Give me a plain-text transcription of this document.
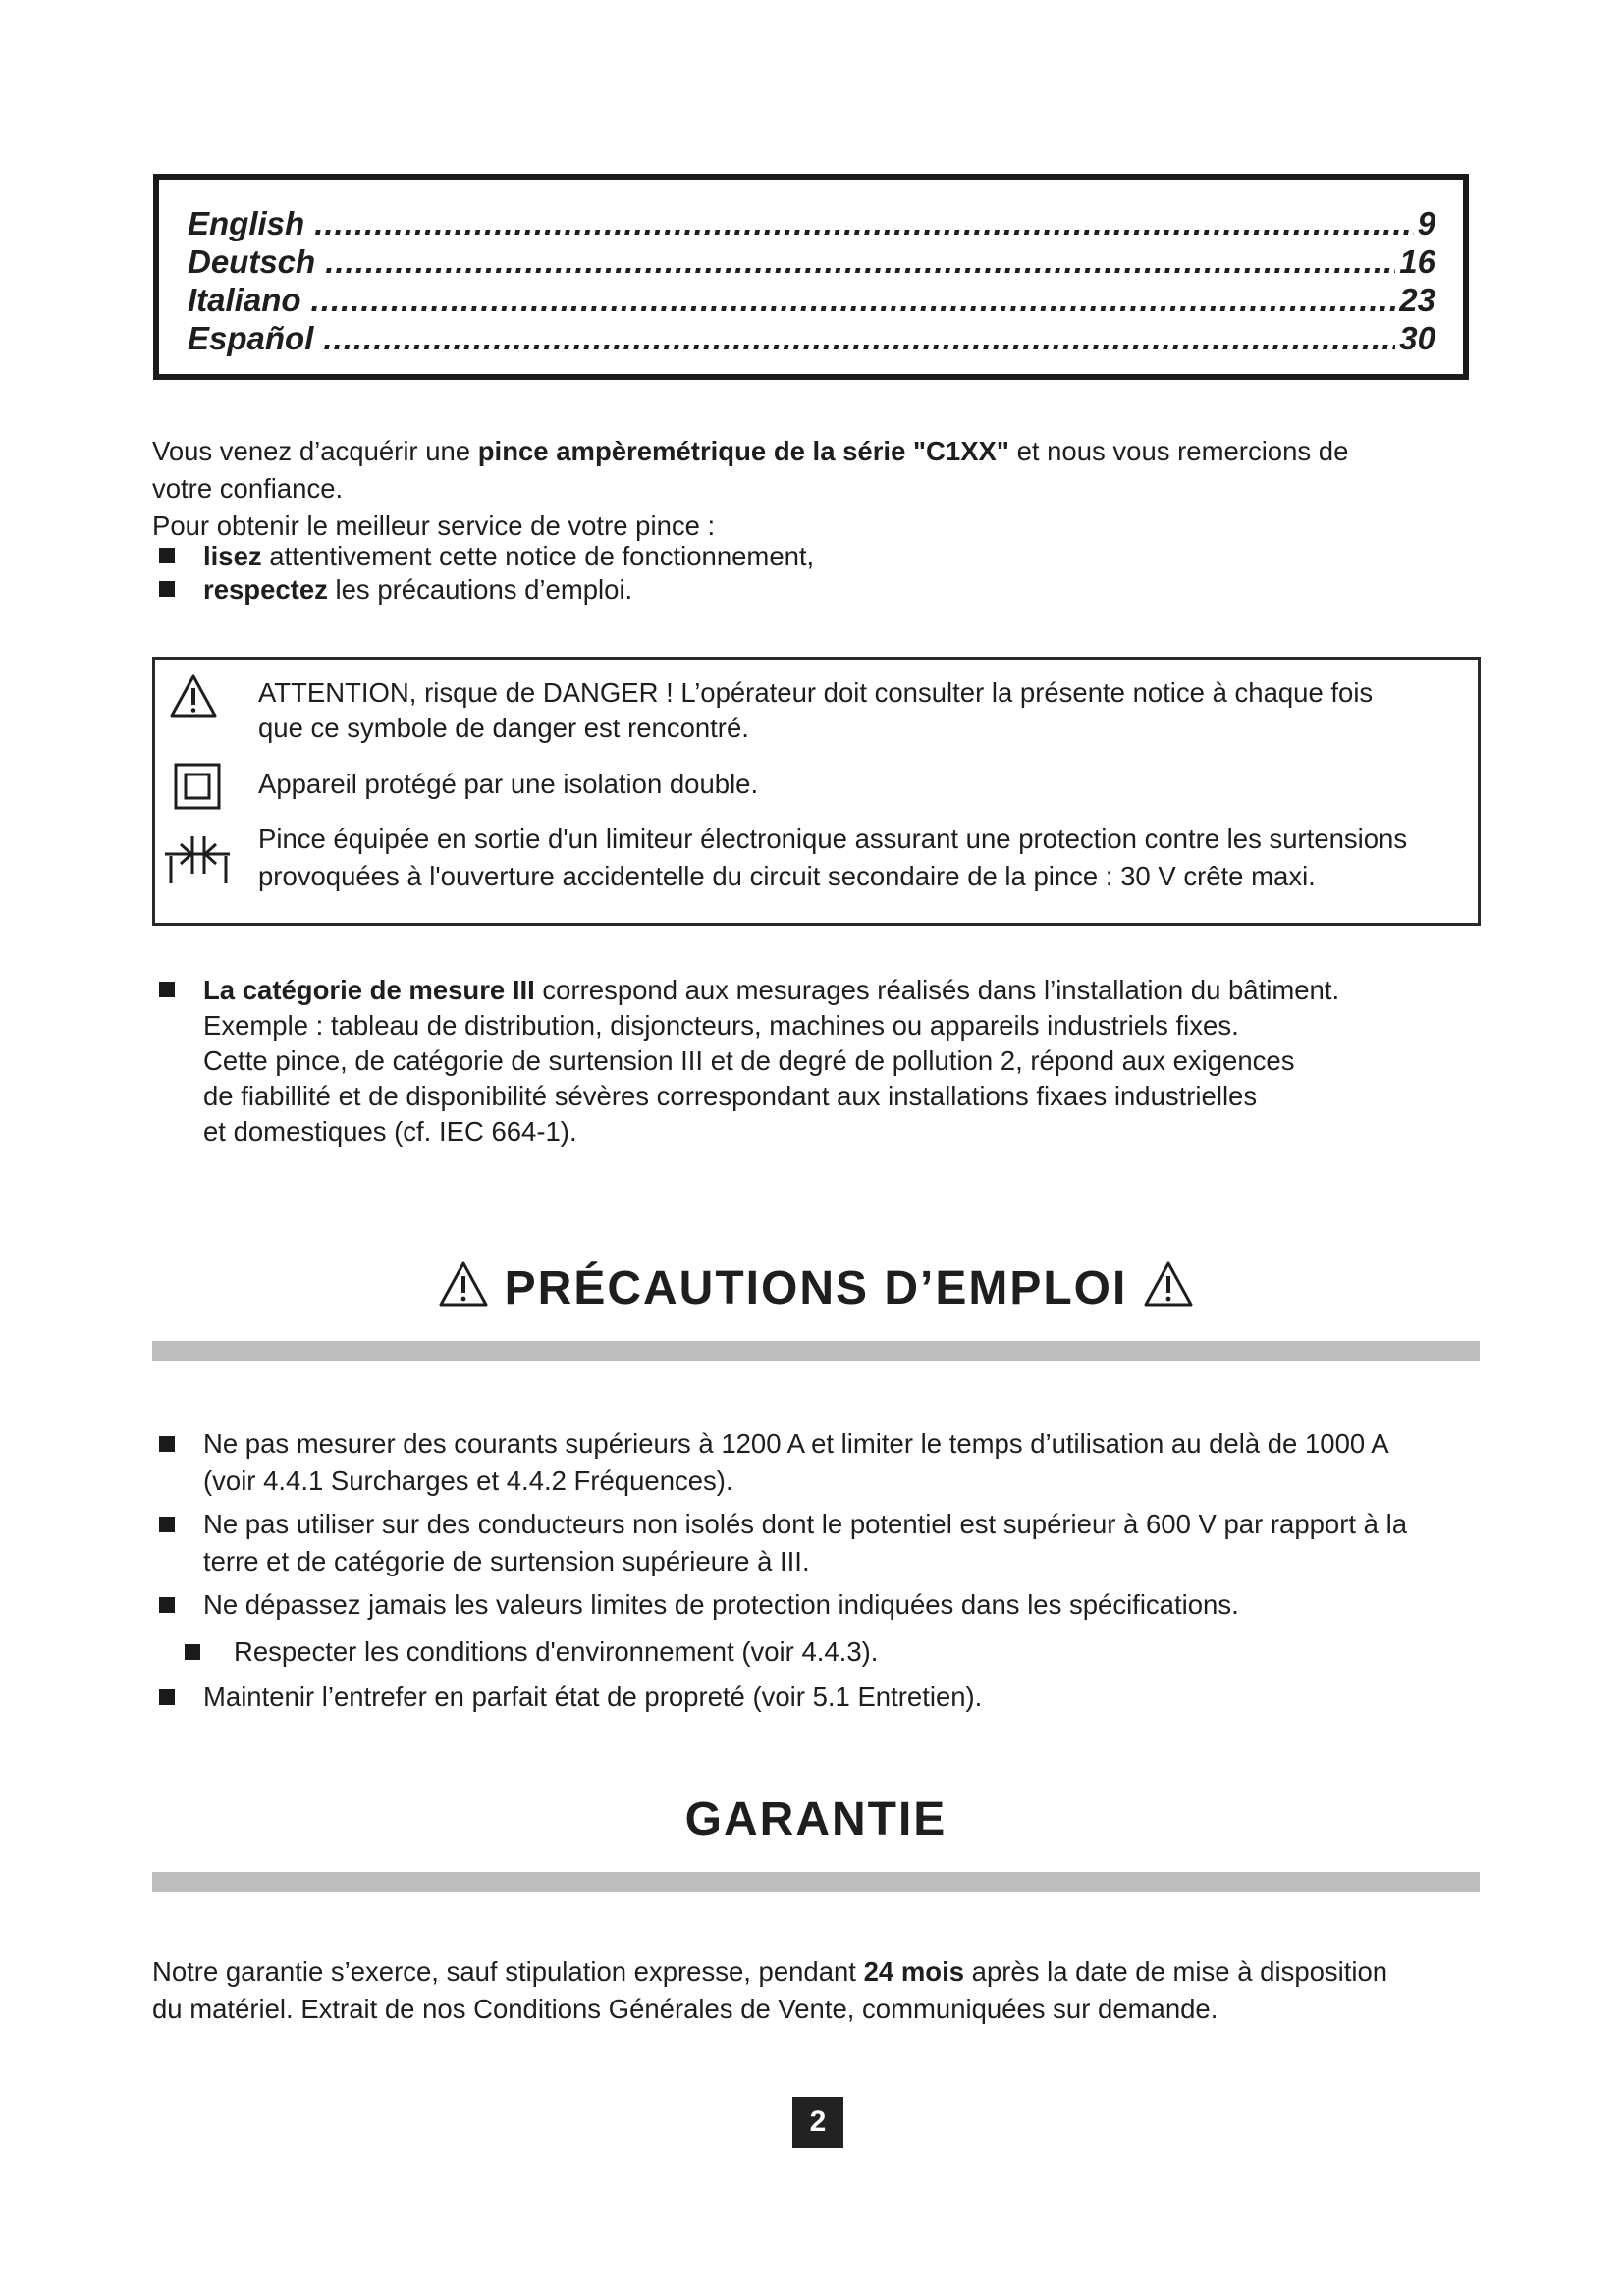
English .....	9
Deutsch .....	16
Italiano .....	23
Español .....	30
Vous venez d’acquérir une pince ampèremétrique de la série "C1XX" et nous vous remercions de
votre confiance.
Pour obtenir le meilleur service de votre pince :
lisez attentivement cette notice de fonctionnement,
respectez les précautions d’emploi.
ATTENTION, risque de DANGER ! L’opérateur doit consulter la présente notice à chaque fois
que ce symbole de danger est rencontré.
Appareil protégé par une isolation double.
Pince équipée en sortie d'un limiteur électronique assurant une protection contre les surtensions
provoquées à l'ouverture accidentelle du circuit secondaire de la pince : 30 V crête maxi.
La catégorie de mesure III correspond aux mesurages réalisés dans l’installation du bâtiment.
Exemple : tableau de distribution, disjoncteurs, machines ou appareils industriels fixes.
Cette pince, de catégorie de surtension III et de degré de pollution 2, répond aux exigences
de fiabillité et de disponibilité sévères correspondant aux installations fixaes industrielles
et domestiques (cf. IEC 664-1).
PRÉCAUTIONS D’EMPLOI
Ne pas mesurer des courants supérieurs à 1200 A et limiter le temps d’utilisation au delà de 1000 A
(voir 4.4.1 Surcharges et 4.4.2 Fréquences).
Ne pas utiliser sur des conducteurs non isolés dont le potentiel est supérieur à 600 V par rapport à la
terre et de catégorie de surtension supérieure à III.
Ne dépassez jamais les valeurs limites de protection indiquées dans les spécifications.
Respecter les conditions d'environnement (voir 4.4.3).
Maintenir l’entrefer en parfait état de propreté (voir 5.1 Entretien).
GARANTIE
Notre garantie s’exerce, sauf stipulation expresse, pendant 24 mois après la date de mise à disposition
du matériel. Extrait de nos Conditions Générales de Vente, communiquées sur demande.
2
